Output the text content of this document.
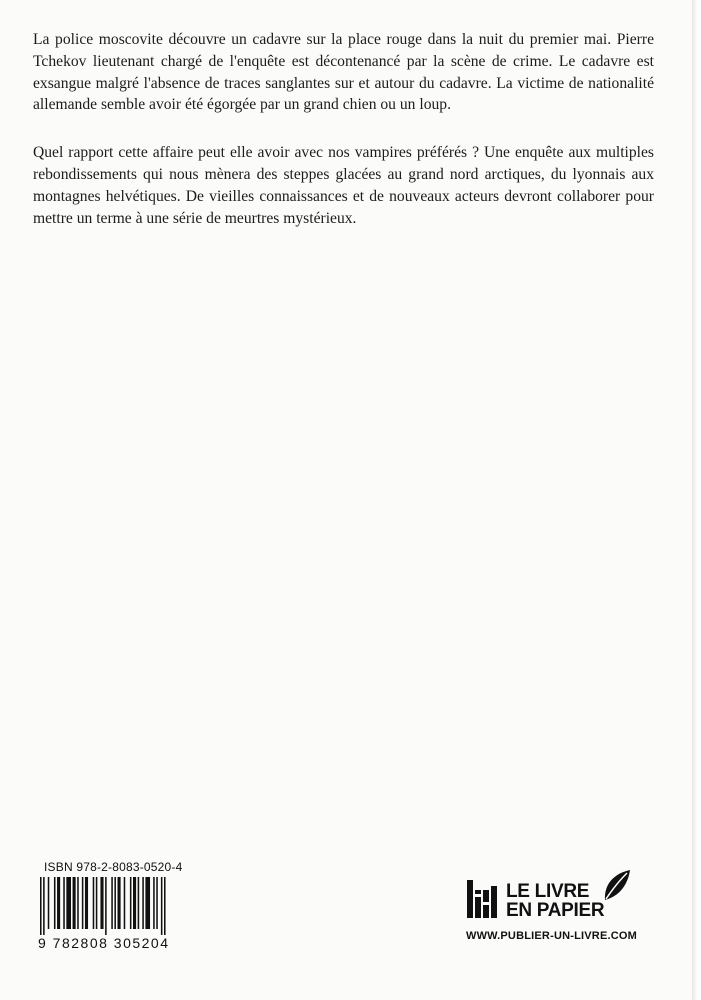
La police moscovite découvre un cadavre sur la place rouge dans la nuit du premier mai. Pierre Tchekov lieutenant chargé de l'enquête est décontenancé par la scène de crime. Le cadavre est exsangue malgré l'absence de traces sanglantes sur et autour du cadavre. La victime de nationalité allemande semble avoir été égorgée par un grand chien ou un loup.

Quel rapport cette affaire peut elle avoir avec nos vampires préférés ? Une enquête aux multiples rebondissements qui nous mènera des steppes glacées au grand nord arctiques, du lyonnais aux montagnes helvétiques. De vieilles connaissances et de nouveaux acteurs devront collaborer pour mettre un terme à une série de meurtres mystérieux.

ISBN 978-2-8083-0520-4
9 782808 305204
LE LIVRE
EN PAPIER
WWW.PUBLIER-UN-LIVRE.COM
